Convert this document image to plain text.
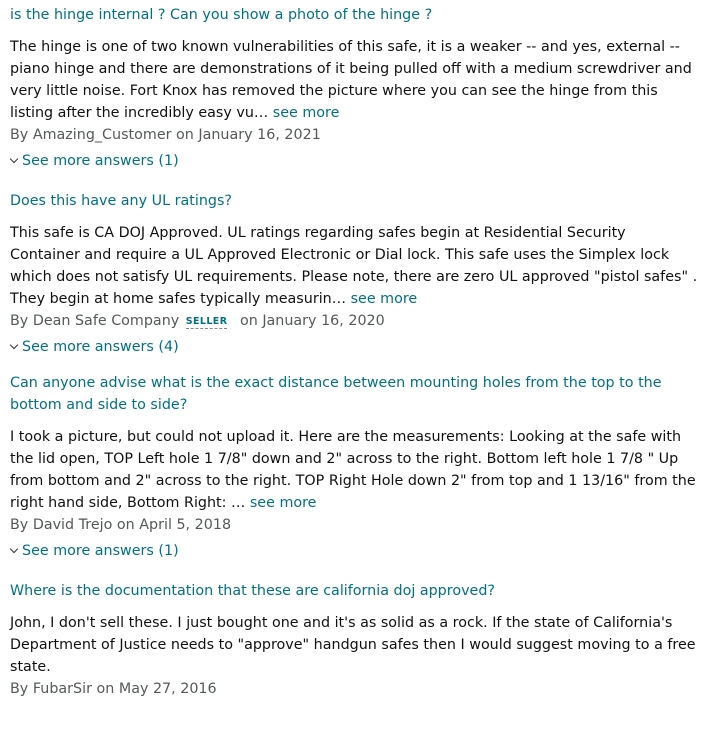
is the hinge internal ? Can you show a photo of the hinge ?
The hinge is one of two known vulnerabilities of this safe, it is a weaker -- and yes, external -- piano hinge and there are demonstrations of it being pulled off with a medium screwdriver and very little noise. Fort Knox has removed the picture where you can see the hinge from this listing after the incredibly easy vu… see more
By Amazing_Customer on January 16, 2021
See more answers (1)
Does this have any UL ratings?
This safe is CA DOJ Approved. UL ratings regarding safes begin at Residential Security Container and require a UL Approved Electronic or Dial lock. This safe uses the Simplex lock which does not satisfy UL requirements. Please note, there are zero UL approved "pistol safes" . They begin at home safes typically measurin… see more
By Dean Safe Company SELLER on January 16, 2020
See more answers (4)
Can anyone advise what is the exact distance between mounting holes from the top to the bottom and side to side?
I took a picture, but could not upload it. Here are the measurements: Looking at the safe with the lid open, TOP Left hole 1 7/8" down and 2" across to the right. Bottom left hole 1 7/8 " Up from bottom and 2" across to the right. TOP Right Hole down 2" from top and 1 13/16" from the right hand side, Bottom Right: … see more
By David Trejo on April 5, 2018
See more answers (1)
Where is the documentation that these are california doj approved?
John, I don't sell these. I just bought one and it's as solid as a rock. If the state of California's Department of Justice needs to "approve" handgun safes then I would suggest moving to a free state.
By FubarSir on May 27, 2016
